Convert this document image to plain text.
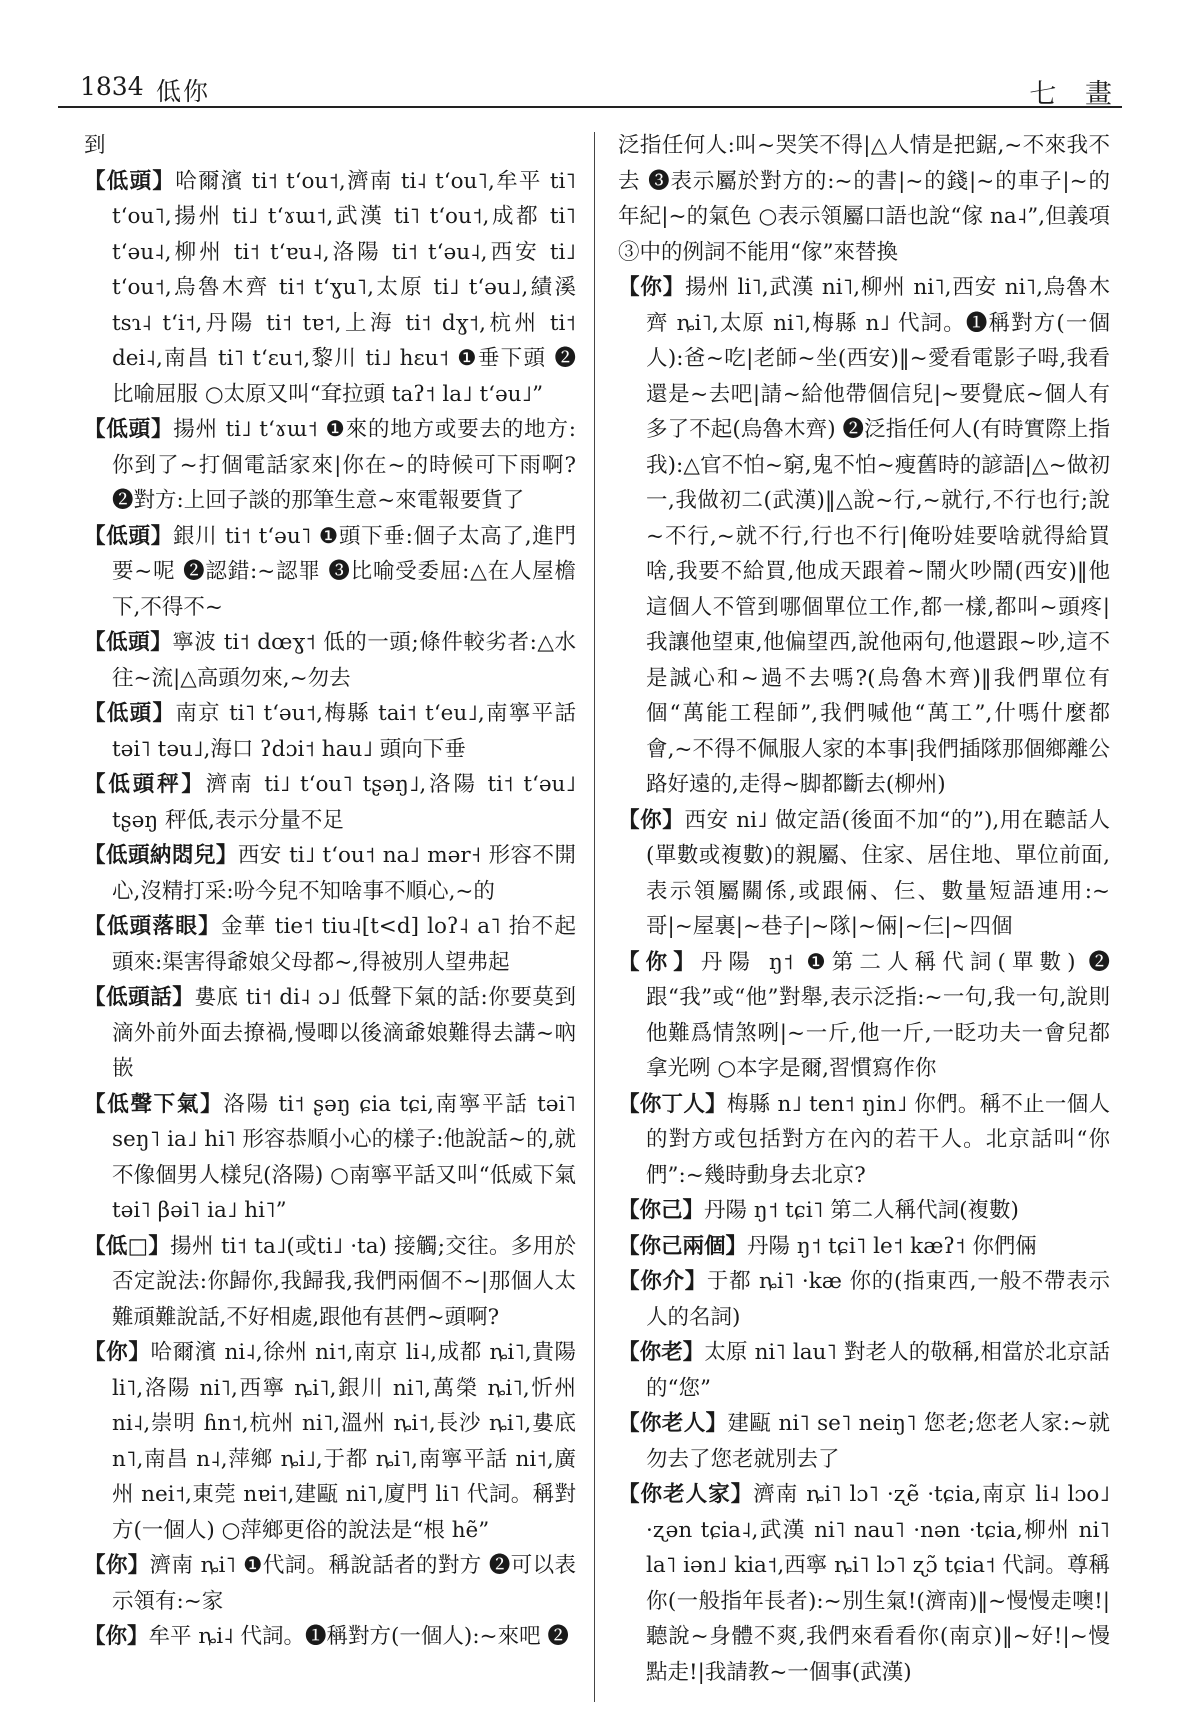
1834 低你	七 畫

到

【低頭】哈爾濱 ti˦ tʻou˦,濟南 ti˨ tʻou˥,牟平 ti˥ tʻou˥,揚州 ti˩ tʻɤɯ˦,武漢 ti˥ tʻou˦,成都 ti˥ tʻəu˨,柳州 ti˦ tʻɐu˨,洛陽 ti˦ tʻəu˨,西安 ti˩ tʻou˦,烏魯木齊 ti˦ tʻɣu˥,太原 ti˩ tʻəu˩,績溪 tsɿ˨ tʻi˦,丹陽 ti˦ tɐ˦,上海 ti˦ dɣ˦,杭州 ti˦ dei˨,南昌 ti˥ tʻɛu˦,黎川 ti˩ hɛu˦ ❶垂下頭 ❷比喻屈服 ○太原又叫“耷拉頭 taʔ˦ la˩ tʻəu˩”

【低頭】揚州 ti˩ tʻɤɯ˦ ❶來的地方或要去的地方:你到了~打個電話家來|你在~的時候可下雨啊? ❷對方:上回子談的那筆生意~來電報要貨了

【低頭】銀川 ti˦ tʻəu˥ ❶頭下垂:個子太高了,進門要~呢 ❷認錯:~認罪 ❸比喻受委屈:△在人屋檐下,不得不~

【低頭】寧波 ti˦ dœɣ˦ 低的一頭;條件較劣者:△水往~流|△高頭勿來,~勿去

【低頭】南京 ti˥ tʻəu˦,梅縣 tai˦ tʻeu˩,南寧平話 təi˥ təu˩,海口 ʔdɔi˦ hau˩ 頭向下垂

【低頭秤】濟南 ti˩ tʻou˥ tʂəŋ˩,洛陽 ti˦ tʻəu˩ tʂəŋ 秤低,表示分量不足

【低頭納悶兒】西安 ti˩ tʻou˦ na˩ mər˧ 形容不開心,沒精打采:吩今兒不知啥事不順心,~的

【低頭落眼】金華 tie˦ tiu˨[t<d] loʔ˨ a˥ 抬不起頭來:渠害得爺娘父母都~,得被別人望弗起

【低頭話】婁底 ti˦ di˨ ɔ˩ 低聲下氣的話:你要莫到滴外前外面去撩禍,慢唧以後滴爺娘難得去講~吶嵌

【低聲下氣】洛陽 ti˦ ʂəŋ ɕia tɕi,南寧平話 təi˥ seŋ˥ ia˩ hi˥ 形容恭順小心的樣子:他說話~的,就不像個男人樣兒(洛陽) ○南寧平話又叫“低威下氣 təi˥ βəi˥ ia˩ hi˥”

【低□】揚州 ti˦ ta˩(或ti˩ ·ta) 接觸;交往。多用於否定說法:你歸你,我歸我,我們兩個不~|那個人太難頑難說話,不好相處,跟他有甚們~頭啊?

【你】哈爾濱 ni˨,徐州 ni˦,南京 li˨,成都 ȵi˥,貴陽 li˥,洛陽 ni˥,西寧 ȵi˥,銀川 ni˥,萬榮 ȵi˥,忻州 ni˨,崇明 ɦn˦,杭州 ni˥,溫州 ȵi˦,長沙 ȵi˥,婁底 n˥,南昌 n˨,萍鄉 ȵi˩,于都 ȵi˥,南寧平話 ni˦,廣州 nei˦,東莞 nɐi˦,建甌 ni˥,廈門 li˥ 代詞。稱對方(一個人) ○萍鄉更俗的說法是“根 hẽ”

【你】濟南 ȵi˥ ❶代詞。稱說話者的對方 ❷可以表示領有:~家

【你】牟平 ȵi˨ 代詞。❶稱對方(一個人):~來吧 ❷

泛指任何人:叫~哭笑不得|△人情是把鋸,~不來我不去 ❸表示屬於對方的:~的書|~的錢|~的車子|~的年紀|~的氣色 ○表示領屬口語也說“傢 na˨”,但義項③中的例詞不能用“傢”來替換

【你】揚州 li˥,武漢 ni˥,柳州 ni˥,西安 ni˥,烏魯木齊 ȵi˥,太原 ni˥,梅縣 n˩ 代詞。❶稱對方(一個人):爸~吃|老師~坐(西安)‖~愛看電影子呣,我看還是~去吧|請~給他帶個信兒|~要覺底~個人有多了不起(烏魯木齊) ❷泛指任何人(有時實際上指我):△官不怕~窮,鬼不怕~瘦舊時的諺語|△~做初一,我做初二(武漢)‖△說~行,~就行,不行也行;說~不行,~就不行,行也不行|俺吩娃要啥就得給買啥,我要不給買,他成天跟着~鬧火吵鬧(西安)‖他這個人不管到哪個單位工作,都一樣,都叫~頭疼|我讓他望東,他偏望西,說他兩句,他還跟~吵,這不是誠心和~過不去嗎?(烏魯木齊)‖我們單位有個“萬能工程師”,我們喊他“萬工”,什嗎什麼都會,~不得不佩服人家的本事|我們插隊那個鄉離公路好遠的,走得~脚都斷去(柳州)

【你】西安 ni˩ 做定語(後面不加“的”),用在聽話人(單數或複數)的親屬、住家、居住地、單位前面,表示領屬關係,或跟倆、仨、數量短語連用:~哥|~屋裏|~巷子|~隊|~倆|~仨|~四個

【你】丹陽 ŋ˦ ❶第二人稱代詞(單數) ❷跟“我”或“他”對舉,表示泛指:~一句,我一句,說則他難爲情煞咧|~一斤,他一斤,一眨功夫一會兒都拿光咧 ○本字是爾,習慣寫作你

【你丁人】梅縣 n˩ ten˦ ŋin˩ 你們。稱不止一個人的對方或包括對方在內的若干人。北京話叫“你們”:~幾時動身去北京?

【你己】丹陽 ŋ˦ tɕi˥ 第二人稱代詞(複數)

【你己兩個】丹陽 ŋ˦ tɕi˥ le˦ kæʔ˦ 你們倆

【你介】于都 ȵi˥ ·kæ 你的(指東西,一般不帶表示人的名詞)

【你老】太原 ni˥ lau˥ 對老人的敬稱,相當於北京話的“您”

【你老人】建甌 ni˥ se˥ neiŋ˥ 您老;您老人家:~就勿去了您老就別去了

【你老人家】濟南 ȵi˥ lɔ˥ ·ʐẽ ·tɕia,南京 li˨ lɔo˩ ·ʐən tɕia˨,武漢 ni˥ nau˥ ·nən ·tɕia,柳州 ni˥ la˥ iən˩ kia˦,西寧 ȵi˥ lɔ˥ ʐɔ̃ tɕia˦ 代詞。尊稱你(一般指年長者):~別生氣!(濟南)‖~慢慢走噢!|聽說~身體不爽,我們來看看你(南京)‖~好!|~慢點走!|我請教~一個事(武漢)
